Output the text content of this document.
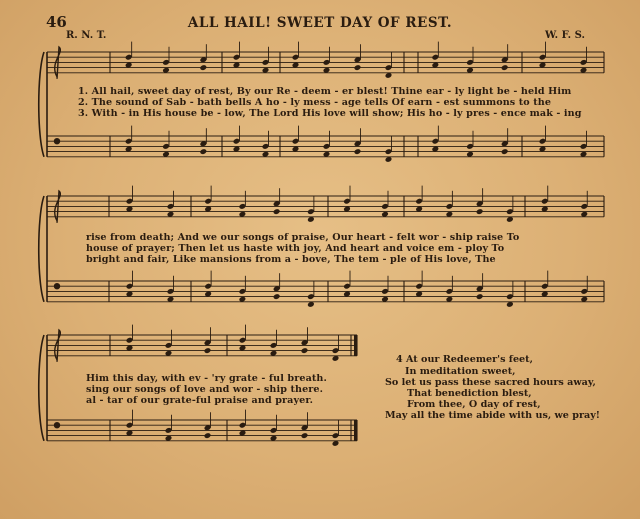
46	ALL HAIL! SWEET DAY OF REST.
R. N. T.	W. F. S.
1. All hail, sweet day of rest, By our Re - deem - er blest! Thine ear - ly light be - held Him
2. The sound of Sab - bath bells A ho - ly mess - age tells Of earn - est summons to the
3. With - in His house be - low, The Lord His love will show; His ho - ly pres - ence mak - ing
rise from death; And we our songs of praise, Our heart - felt wor - ship raise To
house of prayer; Then let us haste with joy, And heart and voice em - ploy To
bright and fair, Like mansions from a - bove, The tem - ple of His love, The
Him this day, with ev - 'ry grate - ful breath.
sing our songs of love and wor - ship there.
al - tar of our grate-ful praise and prayer.
4 At our Redeemer's feet,
In meditation sweet,
So let us pass these sacred hours away,
That benediction blest,
From thee, O day of rest,
May all the time abide with us, we pray!
